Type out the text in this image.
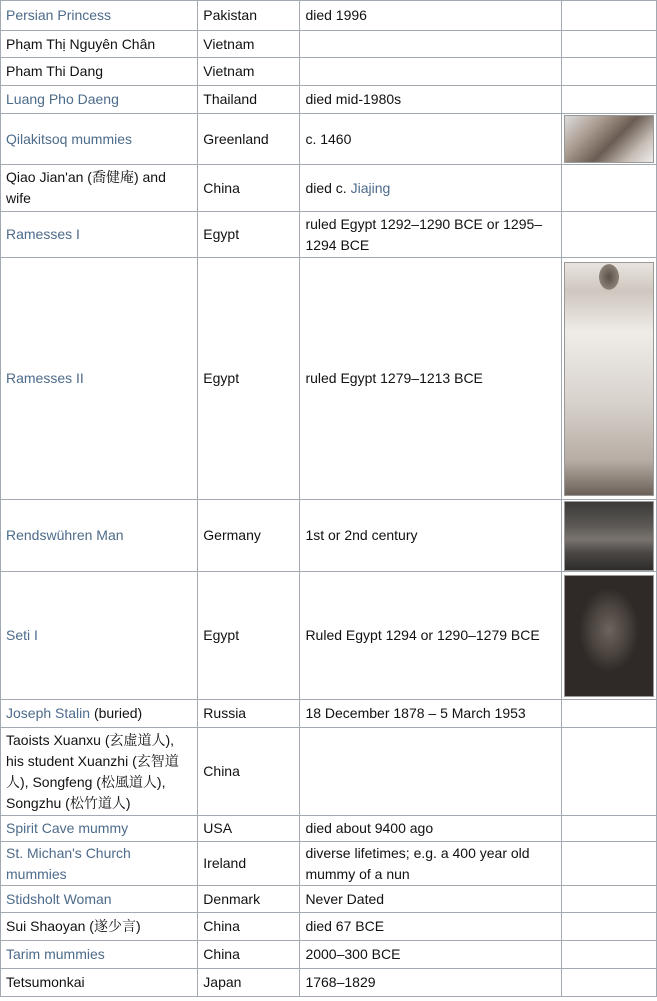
Persian Princess	Pakistan	died 1996	
Phạm Thị Nguyên Chân	Vietnam		
Pham Thi Dang	Vietnam		
Luang Pho Daeng	Thailand	died mid-1980s	
Qilakitsoq mummies	Greenland	c. 1460	

Qiao Jian'an (喬健庵) and wife	China	died c. Jiajing	
Ramesses I	Egypt	ruled Egypt 1292–1290 BCE or 1295–1294 BCE	
Ramesses II	Egypt	ruled Egypt 1279–1213 BCE	

Rendswühren Man	Germany	1st or 2nd century	

Seti I	Egypt	Ruled Egypt 1294 or 1290–1279 BCE	

Joseph Stalin (buried)	Russia	18 December 1878 – 5 March 1953	
Taoists Xuanxu (玄虛道人), his student Xuanzhi (玄智道人), Songfeng (松風道人), Songzhu (松竹道人)	China		
Spirit Cave mummy	USA	died about 9400 ago	
St. Michan's Church mummies	Ireland	diverse lifetimes; e.g. a 400 year old mummy of a nun	
Stidsholt Woman	Denmark	Never Dated	
Sui Shaoyan (遂少言)	China	died 67 BCE	
Tarim mummies	China	2000–300 BCE	
Tetsumonkai	Japan	1768–1829	
